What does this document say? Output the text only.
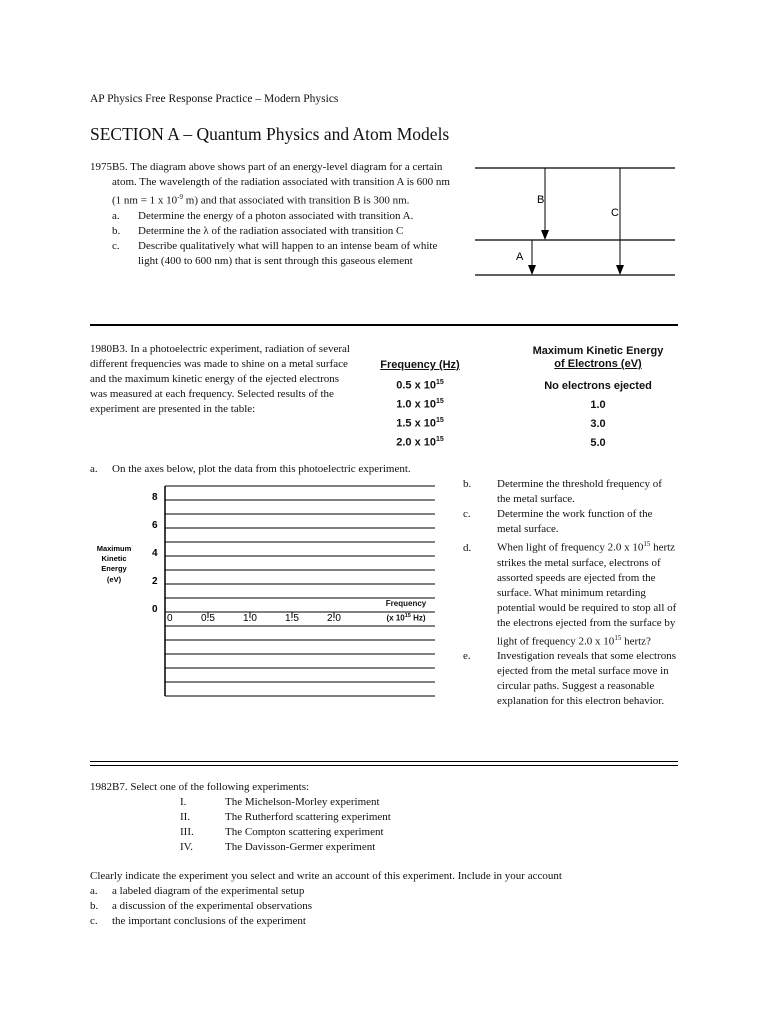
AP Physics Free Response Practice – Modern Physics
SECTION A – Quantum Physics and Atom Models
1975B5. The diagram above shows part of an energy-level diagram for a certain atom. The wavelength of the radiation associated with transition A is 600 nm (1 nm = 1 x $10^{-9}$ m) and that associated with transition B is 300 nm.
a. Determine the energy of a photon associated with transition A.
b. Determine the λ of the radiation associated with transition C
c. Describe qualitatively what will happen to an intense beam of white light (400 to 600 nm) that is sent through this gaseous element
B
C
A
1980B3. In a photoelectric experiment, radiation of several different frequencies was made to shine on a metal surface and the maximum kinetic energy of the ejected electrons was measured at each frequency. Selected results of the experiment are presented in the table:
Maximum Kinetic Energy
of Electrons (eV)
Frequency (Hz)
0.5 x $10^{15}$	No electrons ejected
1.0 x $10^{15}$	1.0
1.5 x $10^{15}$	3.0
2.0 x $10^{15}$	5.0
a. On the axes below, plot the data from this photoelectric experiment.
8
6
4
2
0
0	0.5	1.0	1.5	2.0
Maximum
Kinetic
Energy
(eV)
Frequency
(x $10^{15}$ Hz)
b. Determine the threshold frequency of the metal surface.
c. Determine the work function of the metal surface.
d. When light of frequency 2.0 x $10^{15}$ hertz strikes the metal surface, electrons of assorted speeds are ejected from the surface. What minimum retarding potential would be required to stop all of the electrons ejected from the surface by light of frequency 2.0 x $10^{15}$ hertz?
e. Investigation reveals that some electrons ejected from the metal surface move in circular paths. Suggest a reasonable explanation for this electron behavior.
1982B7. Select one of the following experiments:
I.	The Michelson-Morley experiment
II.	The Rutherford scattering experiment
III.	The Compton scattering experiment
IV.	The Davisson-Germer experiment
Clearly indicate the experiment you select and write an account of this experiment. Include in your account
a. a labeled diagram of the experimental setup
b. a discussion of the experimental observations
c. the important conclusions of the experiment
